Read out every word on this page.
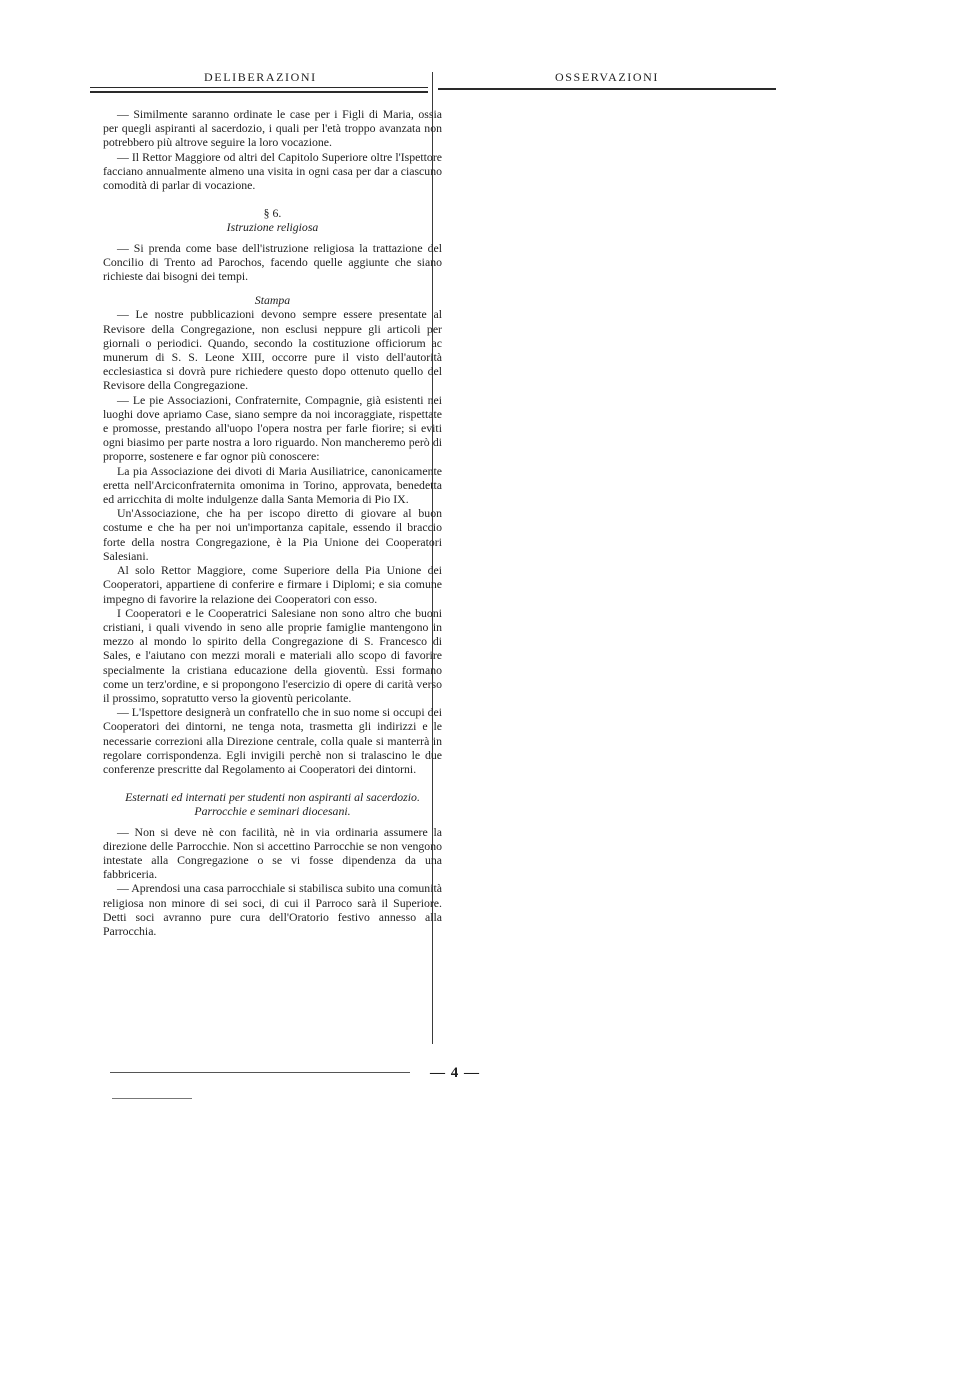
DELIBERAZIONI	OSSERVAZIONI

— Similmente saranno ordinate le case per i Figli di Maria, ossia per quegli aspiranti al sacerdozio, i quali per l'età troppo avanzata non potrebbero più altrove seguire la loro vocazione.

— Il Rettor Maggiore od altri del Capitolo Superiore oltre l'Ispettore facciano annualmente almeno una visita in ogni casa per dar a ciascuno comodità di parlar di vocazione.

§ 6.

Istruzione religiosa

— Si prenda come base dell'istruzione religiosa la trattazione del Concilio di Trento ad Parochos, facendo quelle aggiunte che siano richieste dai bisogni dei tempi.

Stampa

— Le nostre pubblicazioni devono sempre essere presentate al Revisore della Congregazione, non esclusi neppure gli articoli per giornali o periodici. Quando, secondo la costituzione officiorum ac munerum di S. S. Leone XIII, occorre pure il visto dell'autorità ecclesiastica si dovrà pure richiedere questo dopo ottenuto quello del Revisore della Congregazione.

— Le pie Associazioni, Confraternite, Compagnie, già esistenti nei luoghi dove apriamo Case, siano sempre da noi incoraggiate, rispettate e promosse, prestando all'uopo l'opera nostra per farle fiorire; si eviti ogni biasimo per parte nostra a loro riguardo. Non mancheremo però di proporre, sostenere e far ognor più conoscere:

La pia Associazione dei divoti di Maria Ausiliatrice, canonicamente eretta nell'Arciconfraternita omonima in Torino, approvata, benedetta ed arricchita di molte indulgenze dalla Santa Memoria di Pio IX.

Un'Associazione, che ha per iscopo diretto di giovare al buon costume e che ha per noi un'importanza capitale, essendo il braccio forte della nostra Congregazione, è la Pia Unione dei Cooperatori Salesiani.

Al solo Rettor Maggiore, come Superiore della Pia Unione dei Cooperatori, appartiene di conferire e firmare i Diplomi; e sia comune impegno di favorire la relazione dei Cooperatori con esso.

I Cooperatori e le Cooperatrici Salesiane non sono altro che buoni cristiani, i quali vivendo in seno alle proprie famiglie mantengono in mezzo al mondo lo spirito della Congregazione di S. Francesco di Sales, e l'aiutano con mezzi morali e materiali allo scopo di favorire specialmente la cristiana educazione della gioventù. Essi formano come un terz'ordine, e si propongono l'esercizio di opere di carità verso il prossimo, sopratutto verso la gioventù pericolante.

— L'Ispettore designerà un confratello che in suo nome si occupi dei Cooperatori dei dintorni, ne tenga nota, trasmetta gli indirizzi e le necessarie correzioni alla Direzione centrale, colla quale si manterrà in regolare corrispondenza. Egli invigili perchè non si tralascino le due conferenze prescritte dal Regolamento ai Cooperatori dei dintorni.

Esternati ed internati per studenti non aspiranti al sacerdozio.

Parrocchie e seminari diocesani.

— Non si deve nè con facilità, nè in via ordinaria assumere la direzione delle Parrocchie. Non si accettino Parrocchie se non vengono intestate alla Congregazione o se vi fosse dipendenza da una fabbriceria.

— Aprendosi una casa parrocchiale si stabilisca subito una comunità religiosa non minore di sei soci, di cui il Parroco sarà il Superiore. Detti soci avranno pure cura dell'Oratorio festivo annesso alla Parrocchia.

— 4 —
